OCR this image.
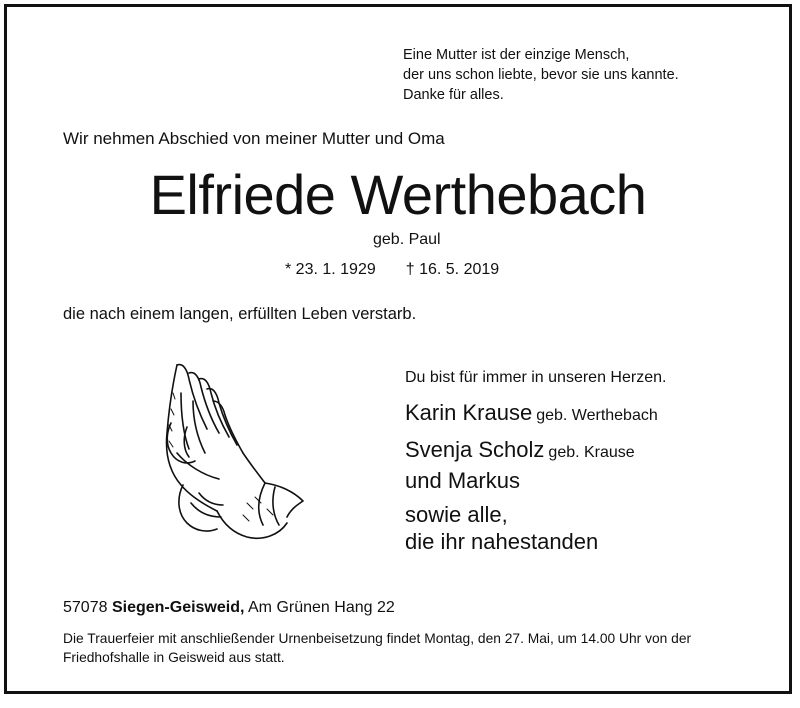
Eine Mutter ist der einzige Mensch,
der uns schon liebte, bevor sie uns kannte.
Danke für alles.
Wir nehmen Abschied von meiner Mutter und Oma
Elfriede Werthebach
geb. Paul
* 23. 1. 1929 † 16. 5. 2019
die nach einem langen, erfüllten Leben verstarb.
Du bist für immer in unseren Herzen.
Karin Krause geb. Werthebach
Svenja Scholz geb. Krause
und Markus
sowie alle,
die ihr nahestanden
57078 Siegen-Geisweid, Am Grünen Hang 22
Die Trauerfeier mit anschließender Urnenbeisetzung findet Montag, den 27. Mai, um 14.00 Uhr von der Friedhofshalle in Geisweid aus statt.
